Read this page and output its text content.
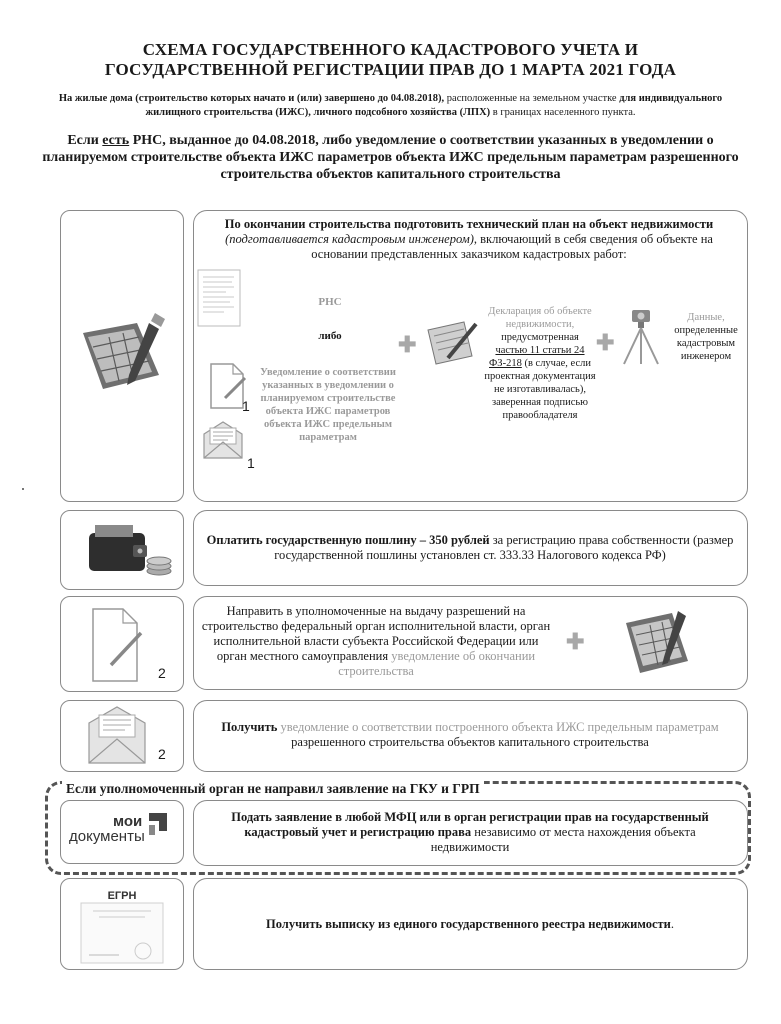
СХЕМА ГОСУДАРСТВЕННОГО КАДАСТРОВОГО УЧЕТА И
ГОСУДАРСТВЕННОЙ РЕГИСТРАЦИИ ПРАВ ДО 1 МАРТА 2021 ГОДА
На жилые дома (строительство которых начато и (или) завершено до 04.08.2018), расположенные на земельном участке для индивидуального жилищного строительства (ИЖС), личного подсобного хозяйства (ЛПХ) в границах населенного пункта.
Если есть РНС, выданное до 04.08.2018, либо уведомление о соответствии указанных в уведомлении о планируемом строительстве объекта ИЖС параметров объекта ИЖС предельным параметрам разрешенного строительства объектов капитального строительства
По окончании строительства подготовить технический план на объект недвижимости (подготавливается кадастровым инженером), включающий в себя сведения об объекте на основании представленных заказчиком кадастровых работ:
РНС
либо
1
1
Уведомление о соответствии указанных в уведомлении о планируемом строительстве объекта ИЖС параметров объекта ИЖС предельным параметрам
✚
Декларация об объекте недвижимости, предусмотренная частью 11 статьи 24 ФЗ-218 (в случае, если проектная документация не изготавливалась), заверенная подписью правообладателя
✚
Данные, определенные кадастровым инженером
Оплатить государственную пошлину – 350 рублей за регистрацию права собственности (размер государственной пошлины установлен ст. 333.33 Налогового кодекса РФ)
2
Направить в уполномоченные на выдачу разрешений на строительство федеральный орган исполнительной власти, орган исполнительной власти субъекта Российской Федерации или орган местного самоуправления уведомление об окончании строительства
✚
2
Получить уведомление о соответствии построенного объекта ИЖС предельным параметрам разрешенного строительства объектов капитального строительства
Если уполномоченный орган не направил заявление на ГКУ и ГРП
мои
документы
Подать заявление в любой МФЦ или в орган регистрации прав на государственный кадастровый учет и регистрацию права независимо от места нахождения объекта недвижимости
ЕГРН
Получить выписку из единого государственного реестра недвижимости.
